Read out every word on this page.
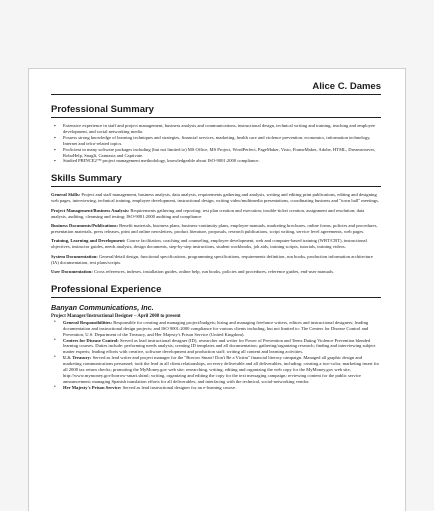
Alice C. Dames
Professional Summary
▪ Extensive experience in staff and project management, business analysis and communications, instructional design, technical writing and training, teaching and employee development, and social networking media.
▪ Possess strong knowledge of learning techniques and strategies, financial services, marketing, health care and violence prevention, economics, information technology, Internet and telco-related topics.
▪ Proficient in many software packages including (but not limited to) MS Office, MS Project, WordPerfect, PageMaker, Visio, FrameMaker, Adobe, HTML, Dreamweaver, RoboHelp, SnagIt, Camtasia and Captivate.
▪ Studied PRINCE2™ project management methodology, knowledgeable about ISO-9001:2000 compliance.
Skills Summary
General Skills: Project and staff management, business analysis, data analysis, requirements gathering and analysis, writing and editing print publications, editing and designing web pages, interviewing, technical training, employee development, instructional design, writing video/multimedia presentations, coordinating business and "town hall" meetings.
Project Management/Business Analysis: Requirements gathering and reporting; test plan creation and execution; trouble-ticket creation, assignment and resolution; data analysis, auditing, cleansing and testing; ISO-9001:2000 auditing and compliance.
Business Documents/Publications: Benefit materials, business plans, business-continuity plans, employee manuals, marketing brochures, online forms, policies and procedures, presentation materials, press releases, print and online newsletters, product literature, proposals, research publications, script writing, service level agreements, web pages.
Training, Learning and Development: Course facilitation, coaching and counseling, employee development, web and computer-based training (WBT/CBT), instructional objectives, instructor guides, needs analysis, design documents, step-by-step instructions, student workbooks, job aids, training scripts, tutorials, training videos.
System Documentation: General/detail design, functional specifications, programming specifications, requirements definition, run books, production information architecture (IA) documentation, test plans/scripts.
User Documentation: Cross references, indexes, installation guides, online help, run books, policies and procedures, reference guides, end-user manuals.
Professional Experience
Banyan Communications, Inc.
Project Manager/Instructional Designer – April 2008 to present
• General Responsibilities: Responsible for creating and managing project/budgets; hiring and managing freelance writers, editors and instructional designers; leading documentation and instructional design projects; and ISO 9001:2000 compliance for various clients including, but not limited to: The Centers for Disease Control and Prevention, U.S. Department of the Treasury, and Her Majesty's Prison Service (United Kingdom).
• Centers for Disease Control: Served as lead instructional designer (ID), researcher and writer for Power of Prevention and Teens Dating Violence Prevention blended learning courses. Duties include: performing needs analysis; creating ID templates and all documentation; gathering/organizing research; finding and interviewing subject matter experts; leading efforts with creative, software development and production staff; writing all content and learning activities.
• U.S. Treasury: Served as lead writer and project manager for the "Borrow Smart! Don't Be a Victim" financial literacy campaign. Managed all graphic design and marketing communications personnel; took the lead in all client relationships, on every deliverable and all deliverables, including: creating a two-color, marketing insert for all 2008 tax return checks; promoting the MyMoney.gov web site; researching, writing, editing and organizing the web copy for the MyMoney.gov web site, http://www.mymoney.gov/borrow-smart.shtml; writing, organizing and editing the copy for the text messaging campaign; reviewing content for the public service announcement; managing Spanish translation efforts for all deliverables; and interfacing with the technical, social-networking vendor.
• Her Majesty's Prison Service: Served as lead instructional designer for an e-learning course.
